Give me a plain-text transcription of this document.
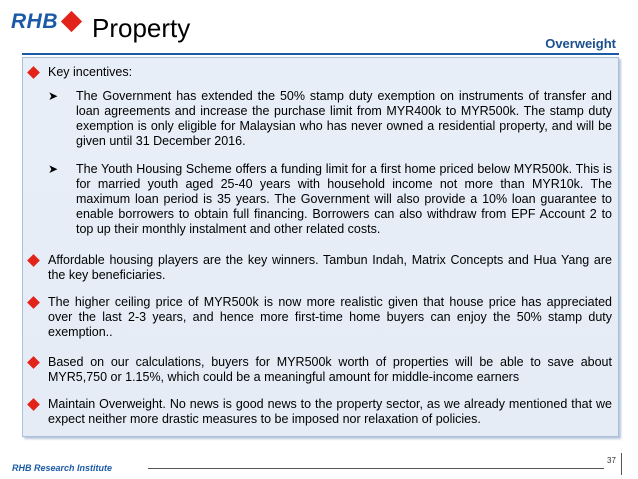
RHB Property
Overweight
Key incentives:
➤ The Government has extended the 50% stamp duty exemption on instruments of transfer and loan agreements and increase the purchase limit from MYR400k to MYR500k. The stamp duty exemption is only eligible for Malaysian who has never owned a residential property, and will be given until 31 December 2016.
➤ The Youth Housing Scheme offers a funding limit for a first home priced below MYR500k. This is for married youth aged 25-40 years with household income not more than MYR10k. The maximum loan period is 35 years. The Government will also provide a 10% loan guarantee to enable borrowers to obtain full financing. Borrowers can also withdraw from EPF Account 2 to top up their monthly instalment and other related costs.
Affordable housing players are the key winners. Tambun Indah, Matrix Concepts and Hua Yang are the key beneficiaries.
The higher ceiling price of MYR500k is now more realistic given that house price has appreciated over the last 2-3 years, and hence more first-time home buyers can enjoy the 50% stamp duty exemption..
Based on our calculations, buyers for MYR500k worth of properties will be able to save about MYR5,750 or 1.15%, which could be a meaningful amount for middle-income earners
Maintain Overweight. No news is good news to the property sector, as we already mentioned that we expect neither more drastic measures to be imposed nor relaxation of policies.
RHB Research Institute
37
